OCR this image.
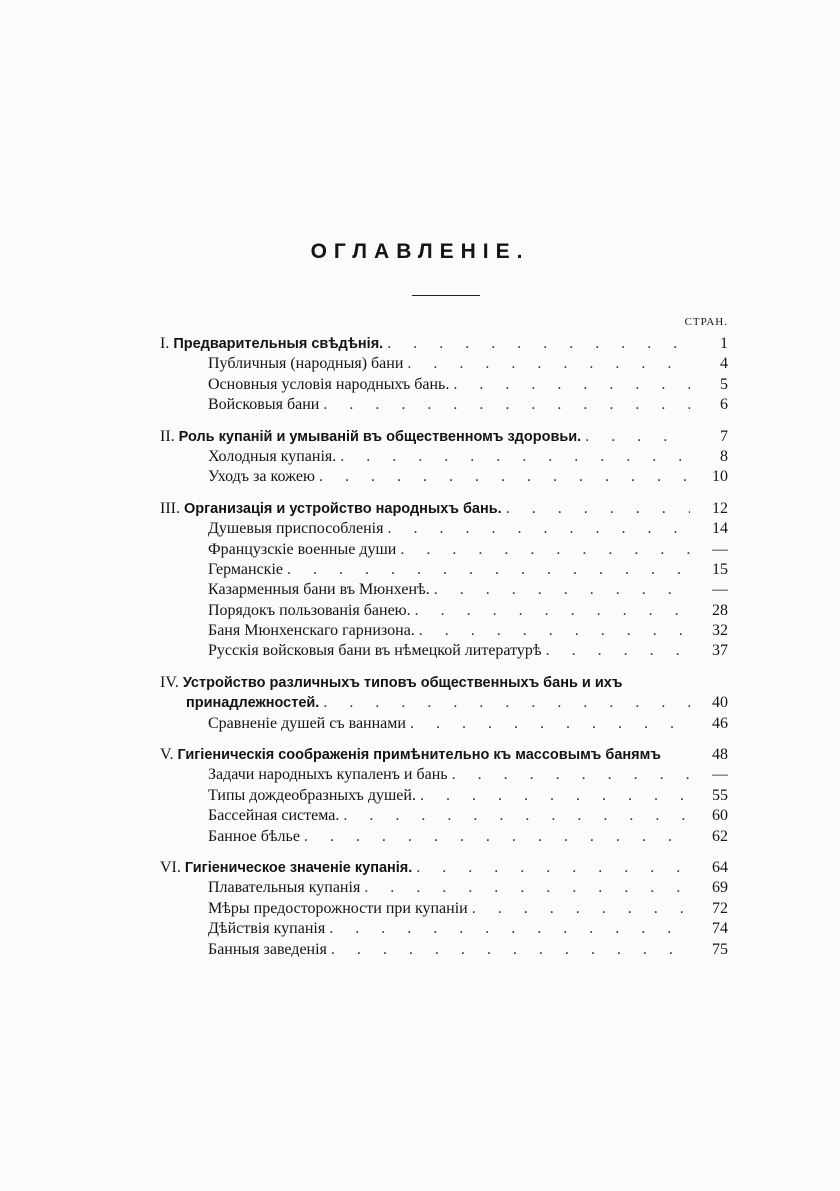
ОГЛАВЛЕНІЕ.
СТРАН.
I. Предварительныя свѣдѣнія. . . .	1
Публичныя (народныя) бани . . .	4
Основныя условія народныхъ бань. . . .	5
Войсковыя бани . . .	6
II. Роль купаній и умываній въ общественномъ здоровьи. . . .	7
Холодныя купанія. . . .	8
Уходъ за кожею . . .	10
III. Организація и устройство народныхъ бань. . . .	12
Душевыя приспособленія . . .	14
Французскіе военные души . . .	—
Германскіе . . .	15
Казарменныя бани въ Мюнхенѣ. . . .	—
Порядокъ пользованія банею. . . .	28
Баня Мюнхенскаго гарнизона. . . .	32
Русскія войсковыя бани въ нѣмецкой литературѣ . . .	37
IV. Устройство различныхъ типовъ общественныхъ бань и ихъ
принадлежностей. . . .	40
Сравненіе душей съ ваннами . . .	46
V. Гигіеническія соображенія примѣнительно къ массовымъ банямъ	48
Задачи народныхъ купаленъ и бань . . .	—
Типы дождеобразныхъ душей. . . .	55
Бассейная система. . . .	60
Банное бѣлье . . .	62
VI. Гигіеническое значеніе купанія. . . .	64
Плавательныя купанія . . .	69
Мѣры предосторожности при купаніи . . .	72
Дѣйствія купанія . . .	74
Банныя заведенія . . .	75
